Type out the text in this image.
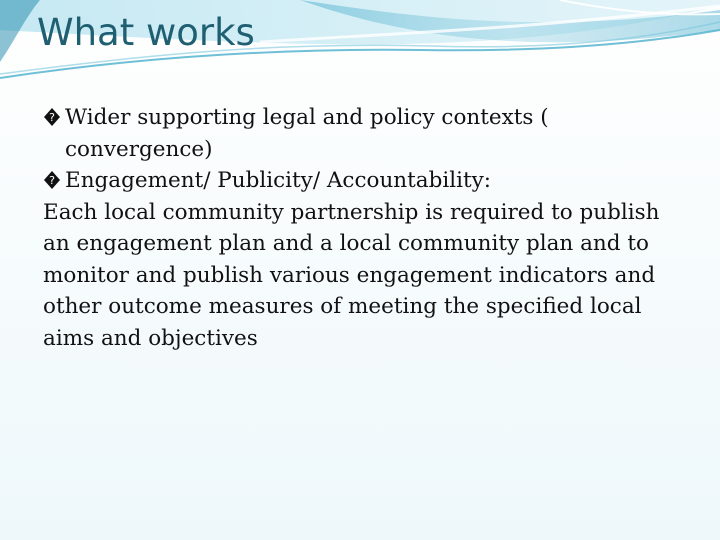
What works
? Wider supporting legal and policy contexts ( convergence)
? Engagement/ Publicity/ Accountability:
Each local community partnership is required to publish an engagement plan and a local community plan and to monitor and publish various engagement indicators and other outcome measures of meeting the specified local aims and objectives
